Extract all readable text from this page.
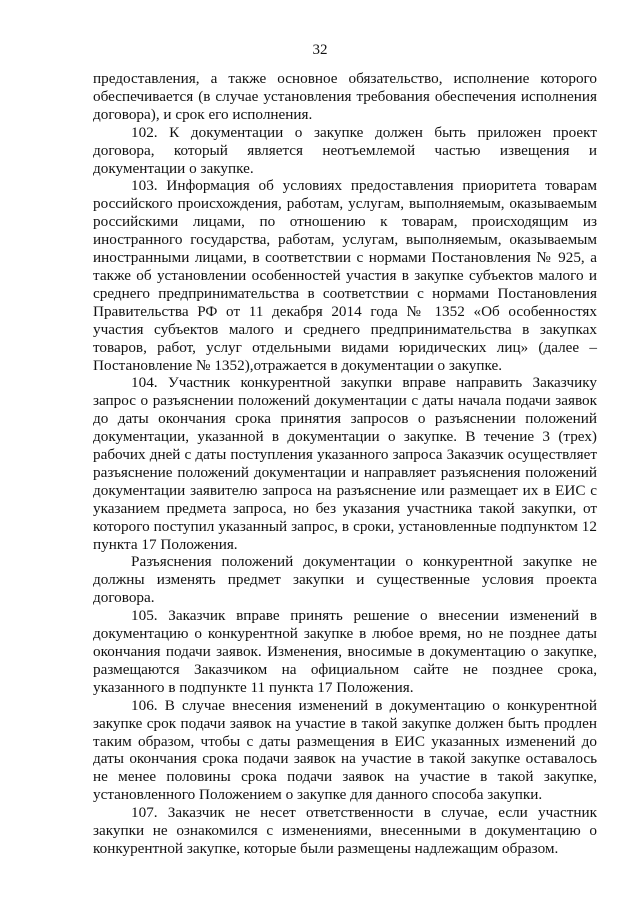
32

предоставления, а также основное обязательство, исполнение которого обеспечивается (в случае установления требования обеспечения исполнения договора), и срок его исполнения.

102. К документации о закупке должен быть приложен проект договора, который является неотъемлемой частью извещения и документации о закупке.

103. Информация об условиях предоставления приоритета товарам российского происхождения, работам, услугам, выполняемым, оказываемым российскими лицами, по отношению к товарам, происходящим из иностранного государства, работам, услугам, выполняемым, оказываемым иностранными лицами, в соответствии с нормами Постановления № 925, а также об установлении особенностей участия в закупке субъектов малого и среднего предпринимательства в соответствии с нормами Постановления Правительства РФ от 11 декабря 2014 года № 1352 «Об особенностях участия субъектов малого и среднего предпринимательства в закупках товаров, работ, услуг отдельными видами юридических лиц» (далее – Постановление № 1352),отражается в документации о закупке.

104. Участник конкурентной закупки вправе направить Заказчику запрос о разъяснении положений документации с даты начала подачи заявок до даты окончания срока принятия запросов о разъяснении положений документации, указанной в документации о закупке. В течение 3 (трех) рабочих дней с даты поступления указанного запроса Заказчик осуществляет разъяснение положений документации и направляет разъяснения положений документации заявителю запроса на разъяснение или размещает их в ЕИС с указанием предмета запроса, но без указания участника такой закупки, от которого поступил указанный запрос, в сроки, установленные подпунктом 12 пункта 17 Положения.

Разъяснения положений документации о конкурентной закупке не должны изменять предмет закупки и существенные условия проекта договора.

105. Заказчик вправе принять решение о внесении изменений в документацию о конкурентной закупке в любое время, но не позднее даты окончания подачи заявок. Изменения, вносимые в документацию о закупке, размещаются Заказчиком на официальном сайте не позднее срока, указанного в подпункте 11 пункта 17 Положения.

106. В случае внесения изменений в документацию о конкурентной закупке срок подачи заявок на участие в такой закупке должен быть продлен таким образом, чтобы с даты размещения в ЕИС указанных изменений до даты окончания срока подачи заявок на участие в такой закупке оставалось не менее половины срока подачи заявок на участие в такой закупке, установленного Положением о закупке для данного способа закупки.

107. Заказчик не несет ответственности в случае, если участник закупки не ознакомился с изменениями, внесенными в документацию о конкурентной закупке, которые были размещены надлежащим образом.
